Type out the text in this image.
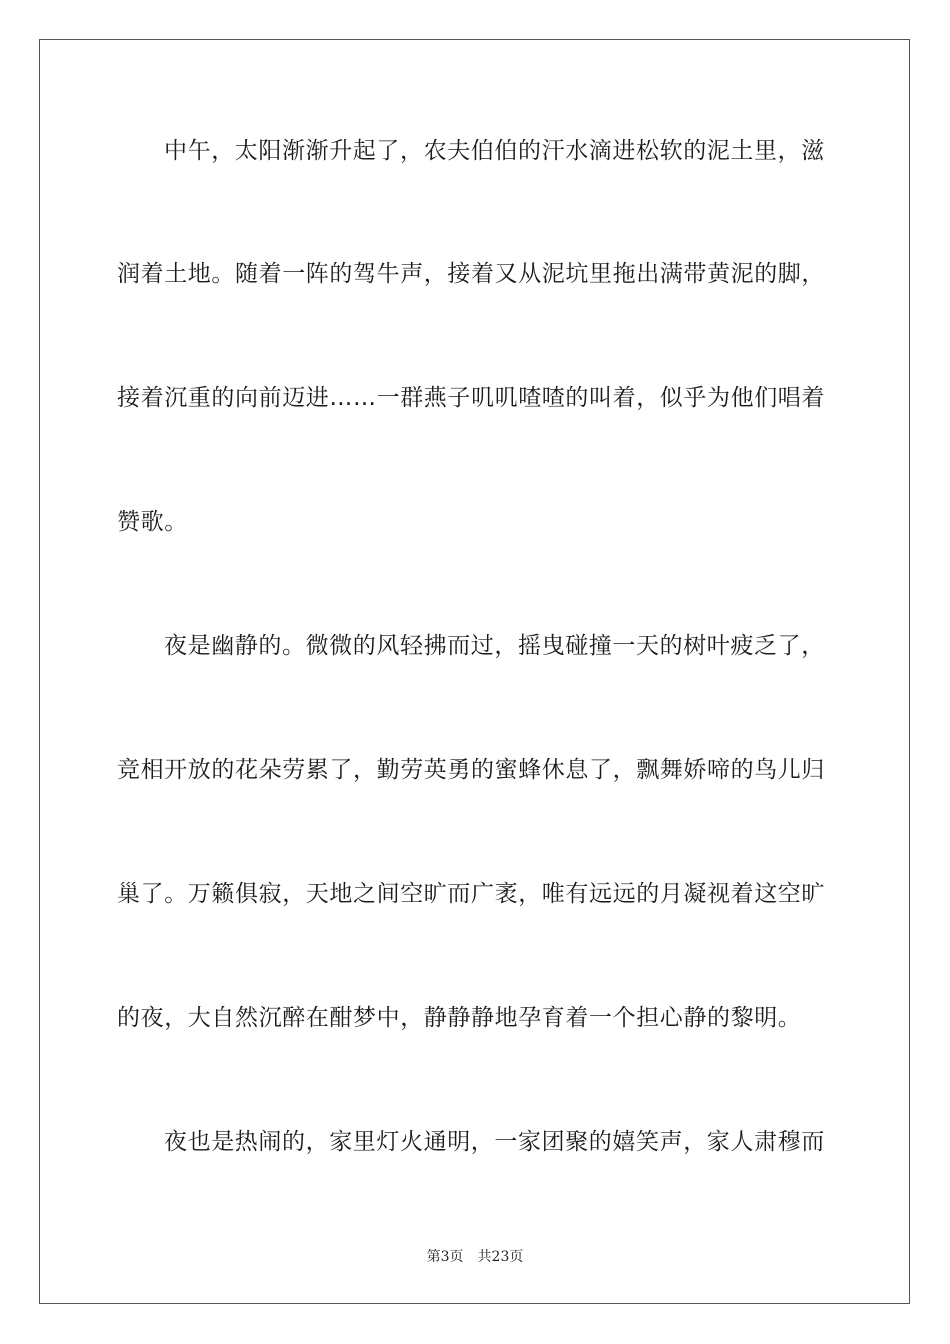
中午，太阳渐渐升起了，农夫伯伯的汗水滴进松软的泥土里，滋
润着土地。随着一阵的驾牛声，接着又从泥坑里拖出满带黄泥的脚，
接着沉重的向前迈进……一群燕子叽叽喳喳的叫着，似乎为他们唱着
赞歌。
夜是幽静的。微微的风轻拂而过，摇曳碰撞一天的树叶疲乏了，
竞相开放的花朵劳累了，勤劳英勇的蜜蜂休息了，飘舞娇啼的鸟儿归
巢了。万籁俱寂，天地之间空旷而广袤，唯有远远的月凝视着这空旷
的夜，大自然沉醉在酣梦中，静静静地孕育着一个担心静的黎明。
夜也是热闹的，家里灯火通明，一家团聚的嬉笑声，家人肃穆而
第3页 共23页
